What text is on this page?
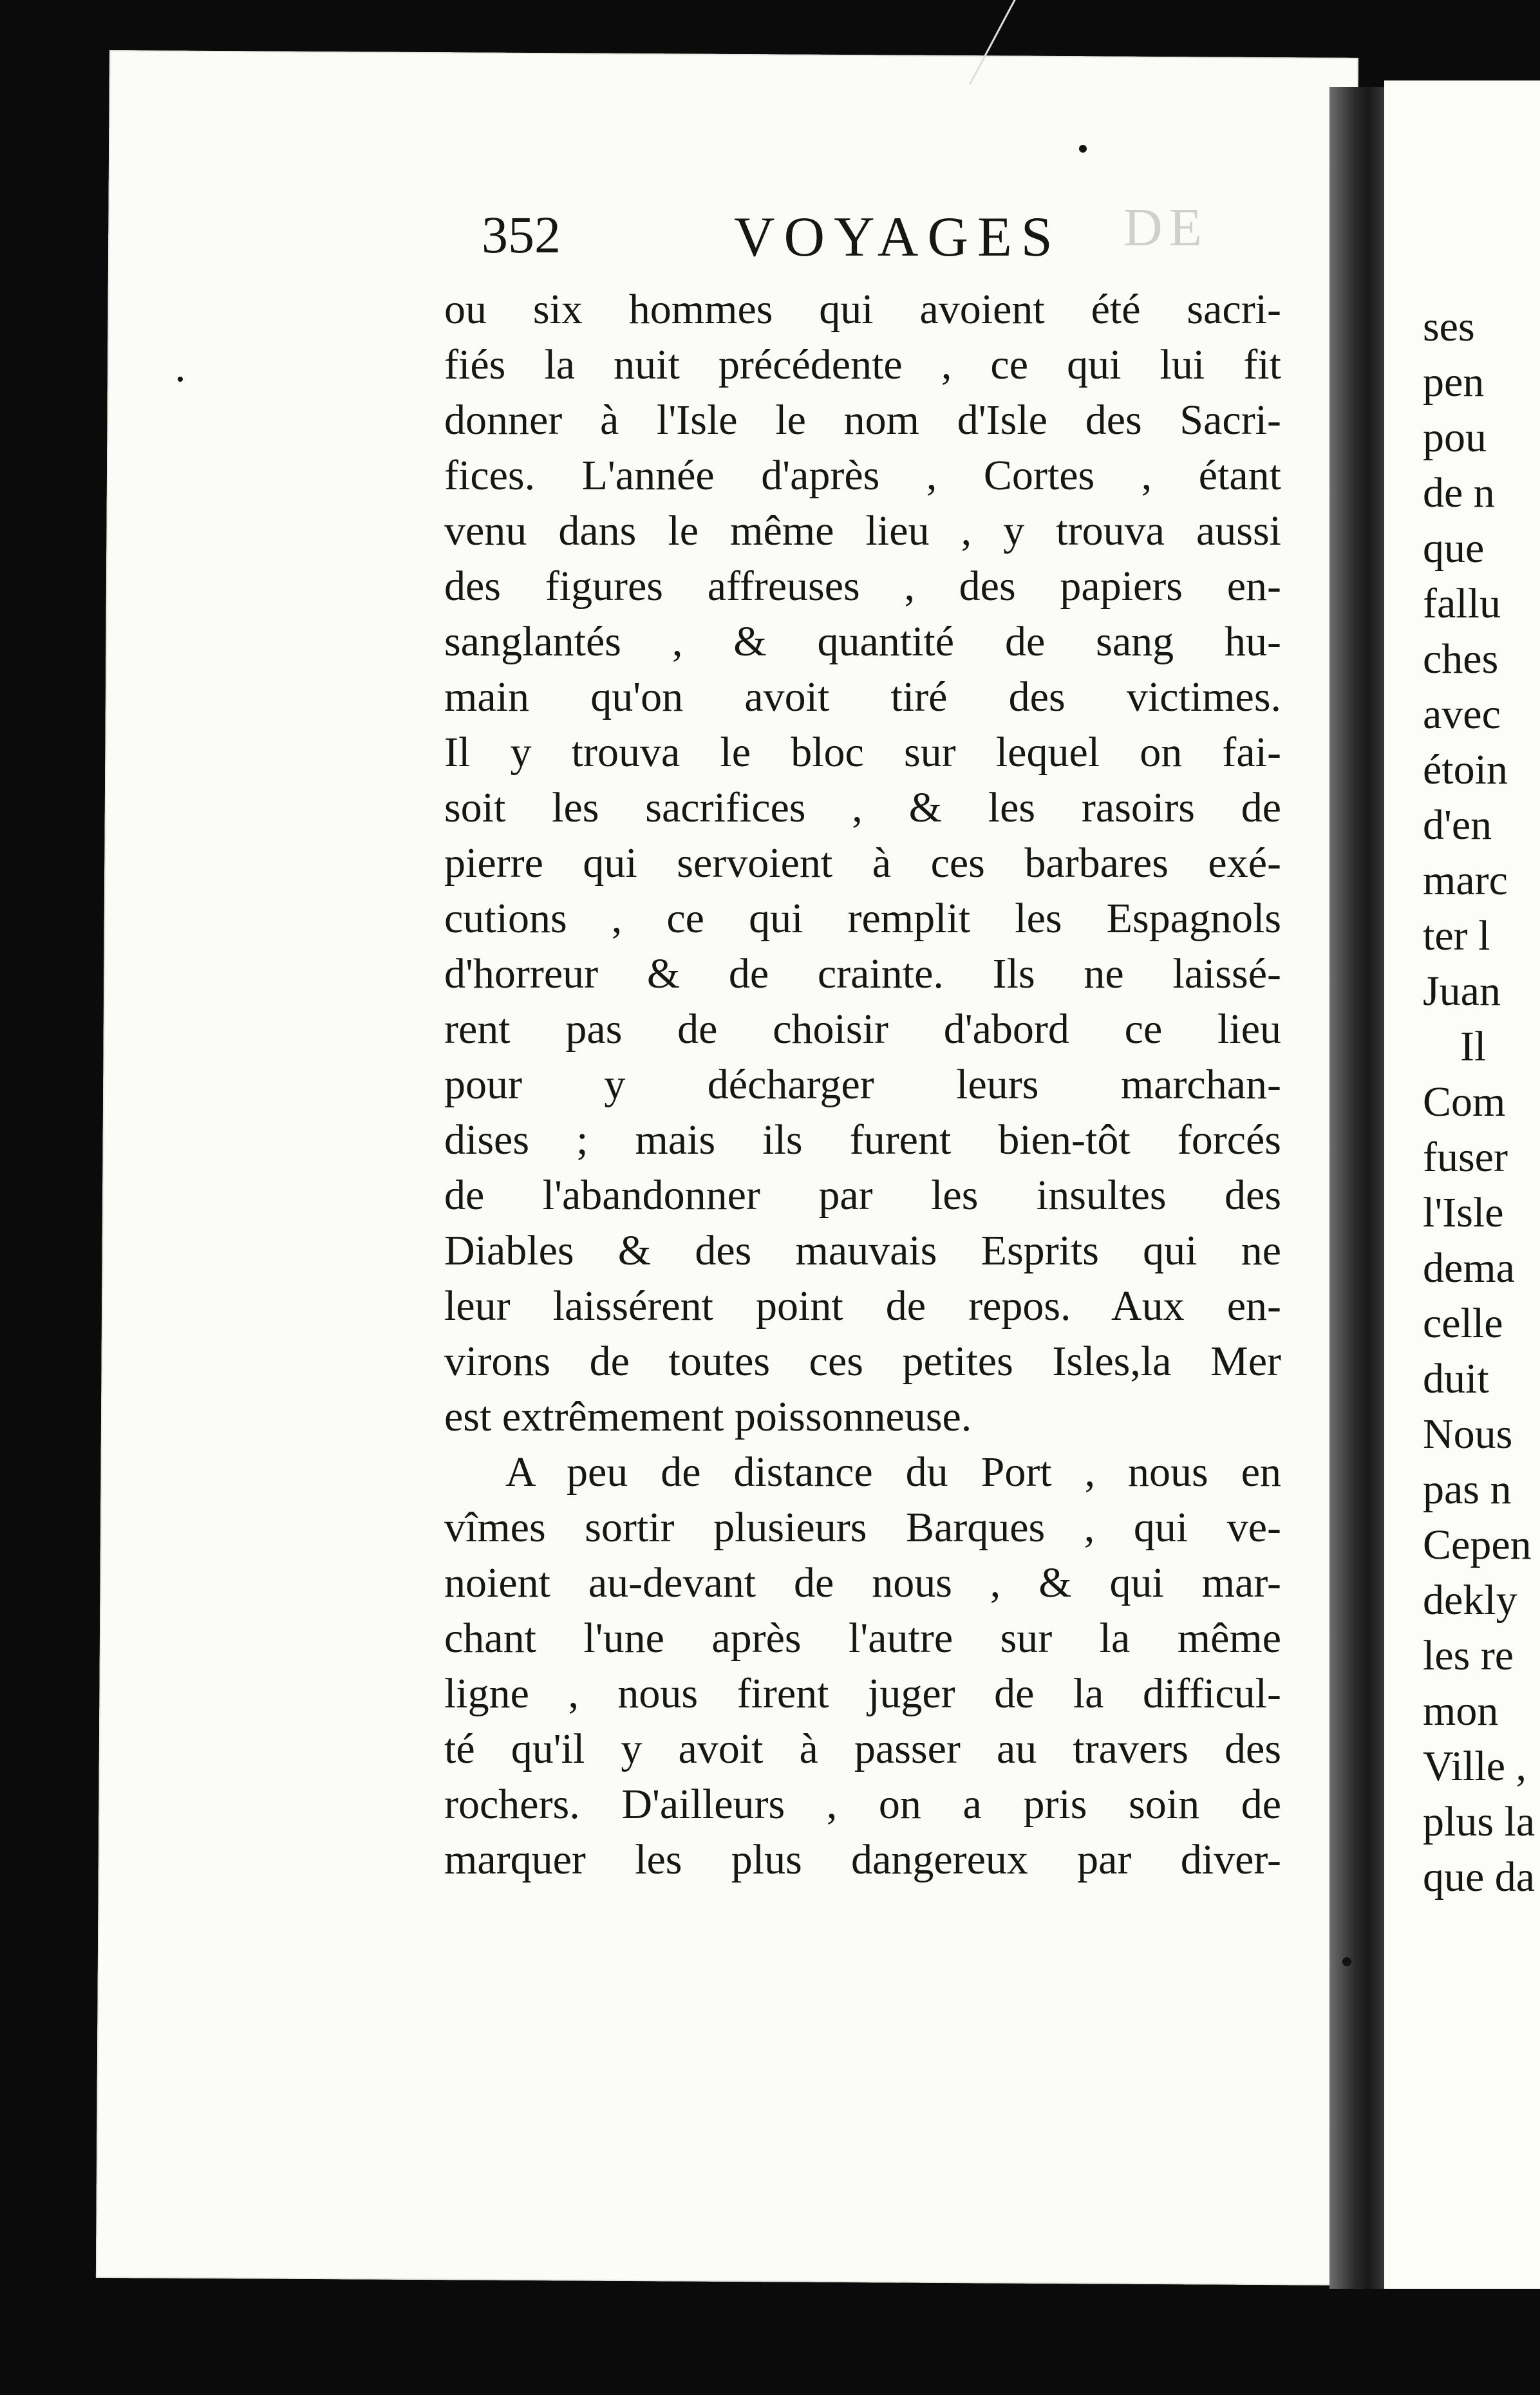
352	VOYAGES DE
ou six hommes qui avoient été sacri-
fiés la nuit précédente , ce qui lui fit
donner à l'Isle le nom d'Isle des Sacri-
fices. L'année d'après , Cortes , étant
venu dans le même lieu , y trouva aussi
des figures affreuses , des papiers en-
sanglantés , & quantité de sang hu-
main qu'on avoit tiré des victimes.
Il y trouva le bloc sur lequel on fai-
soit les sacrifices , & les rasoirs de
pierre qui servoient à ces barbares exé-
cutions , ce qui remplit les Espagnols
d'horreur & de crainte. Ils ne laissé-
rent pas de choisir d'abord ce lieu
pour y décharger leurs marchan-
dises ; mais ils furent bien-tôt forcés
de l'abandonner par les insultes des
Diables & des mauvais Esprits qui ne
leur laissérent point de repos. Aux en-
virons de toutes ces petites Isles,la Mer
est extrêmement poissonneuse.
A peu de distance du Port , nous en
vîmes sortir plusieurs Barques , qui ve-
noient au-devant de nous , & qui mar-
chant l'une après l'autre sur la même
ligne , nous firent juger de la difficul-
té qu'il y avoit à passer au travers des
rochers. D'ailleurs , on a pris soin de
marquer les plus dangereux par diver-
ses
pen
pou
de n
que
fallu
ches
avec
étoin
d'en
marc
ter l
Juan
Il
Com
fuser
l'Isle
dema
celle
duit
Nous
pas n
Cepen
dekly
les re
mon
Ville ,
plus la
que da
